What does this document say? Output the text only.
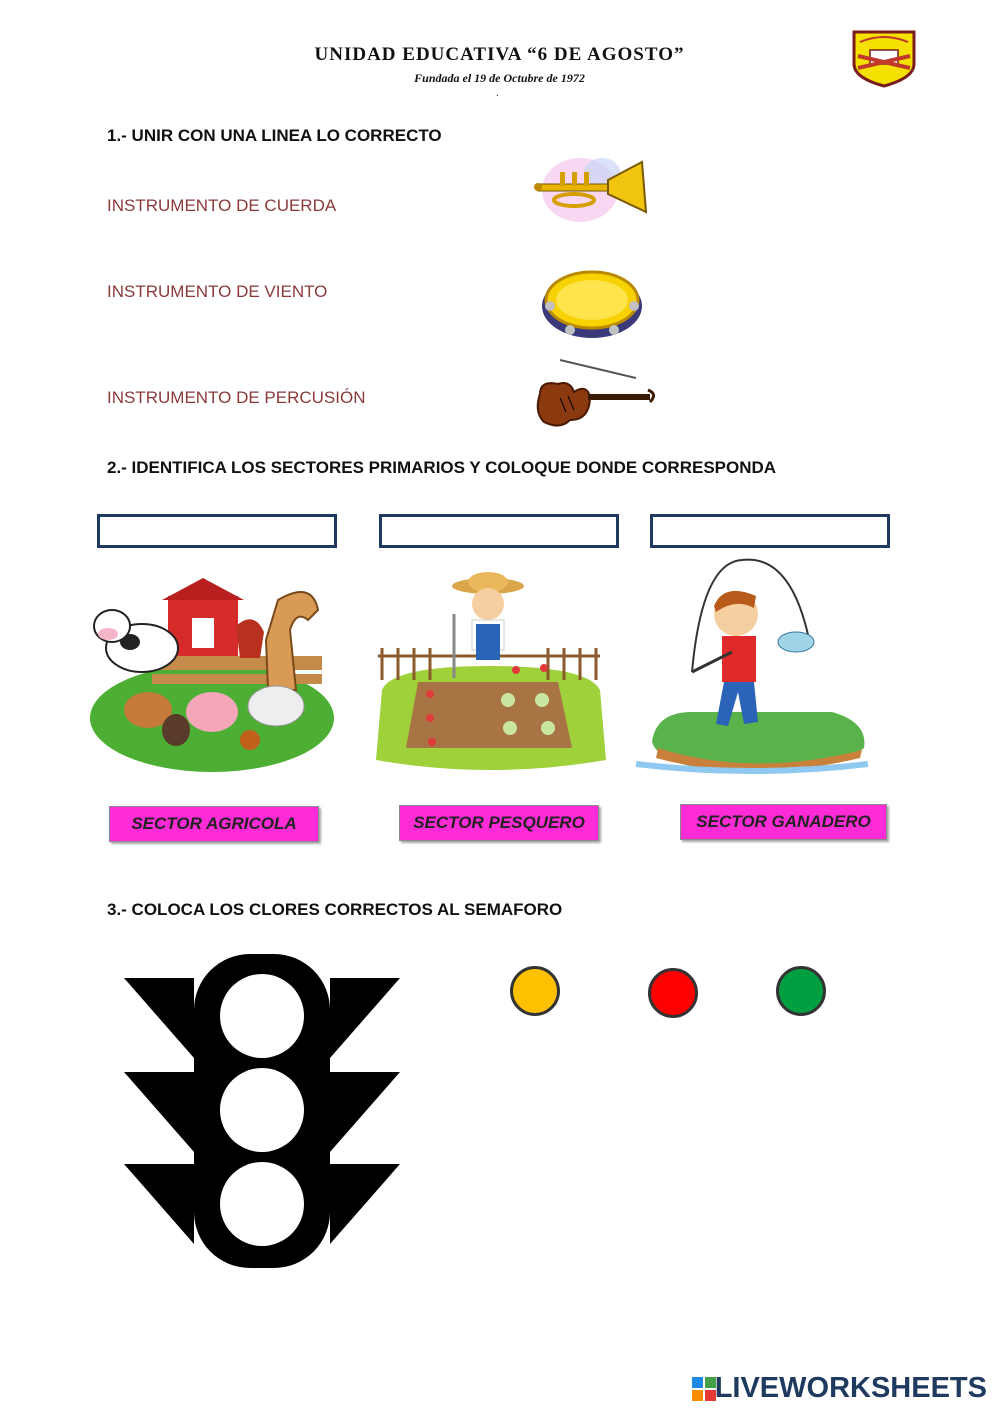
UNIDAD EDUCATIVA “6 DE AGOSTO”
Fundada el 19 de Octubre de 1972
.
1.- UNIR CON UNA LINEA LO CORRECTO
INSTRUMENTO DE CUERDA
INSTRUMENTO DE VIENTO
INSTRUMENTO DE PERCUSIÓN
2.- IDENTIFICA LOS SECTORES PRIMARIOS Y COLOQUE DONDE CORRESPONDA
SECTOR AGRICOLA	SECTOR PESQUERO	SECTOR GANADERO
3.- COLOCA LOS CLORES CORRECTOS AL SEMAFORO
LIVEWORKSHEETS
